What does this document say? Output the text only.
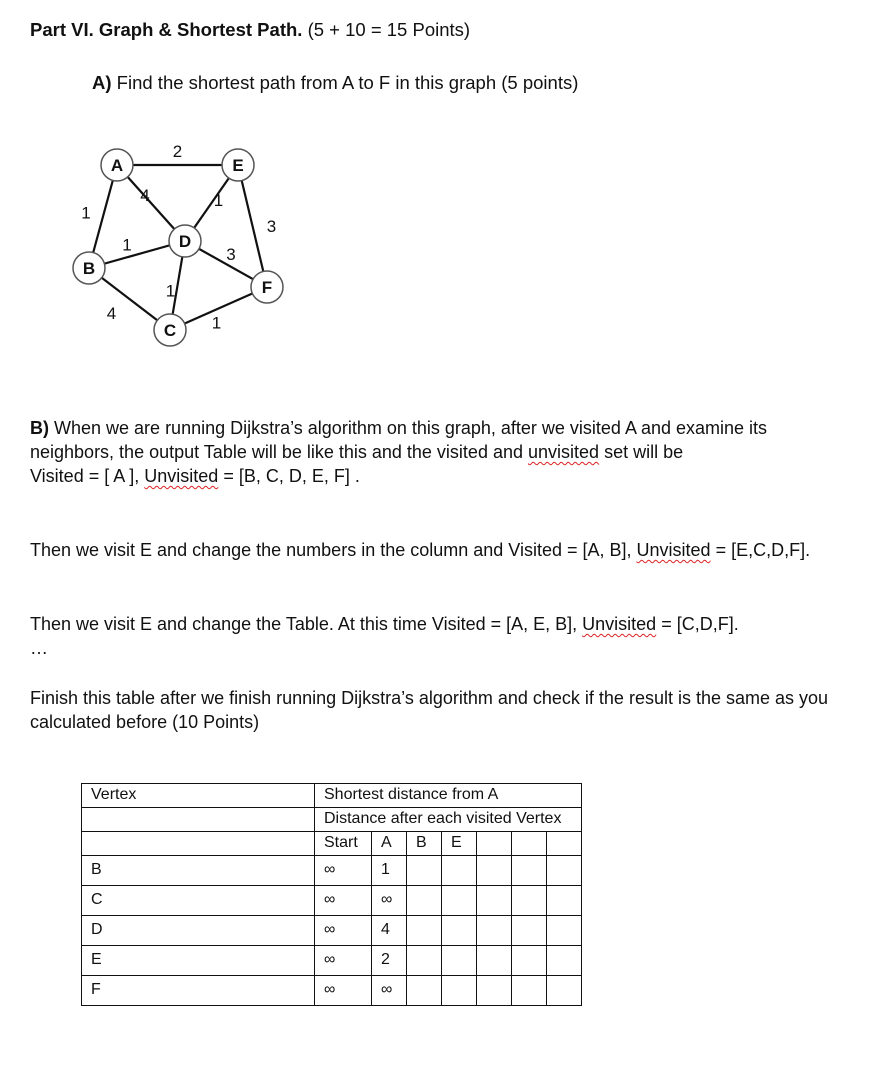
Part VI. Graph & Shortest Path. (5 + 10 = 15 Points)
A) Find the shortest path from A to F in this graph (5 points)
2
1
4
1
4
1
1
3
3
1
A
B
C
D
E
F
B) When we are running Dijkstra’s algorithm on this graph, after we visited A and examine its neighbors, the output Table will be like this and the visited and unvisited set will be
Visited = [ A ], Unvisited = [B, C, D, E, F] .
Then we visit E and change the numbers in the column and Visited = [A, B], Unvisited = [E,C,D,F].
Then we visit E and change the Table. At this time Visited = [A, E, B], Unvisited = [C,D,F].
…
Finish this table after we finish running Dijkstra’s algorithm and check if the result is the same as you calculated before (10 Points)
Vertex	Shortest distance from A						
	Distance after each visited Vertex						
	Start	A	B	E			
B	∞	1					
C	∞	∞					
D	∞	4					
E	∞	2					
F	∞	∞					
